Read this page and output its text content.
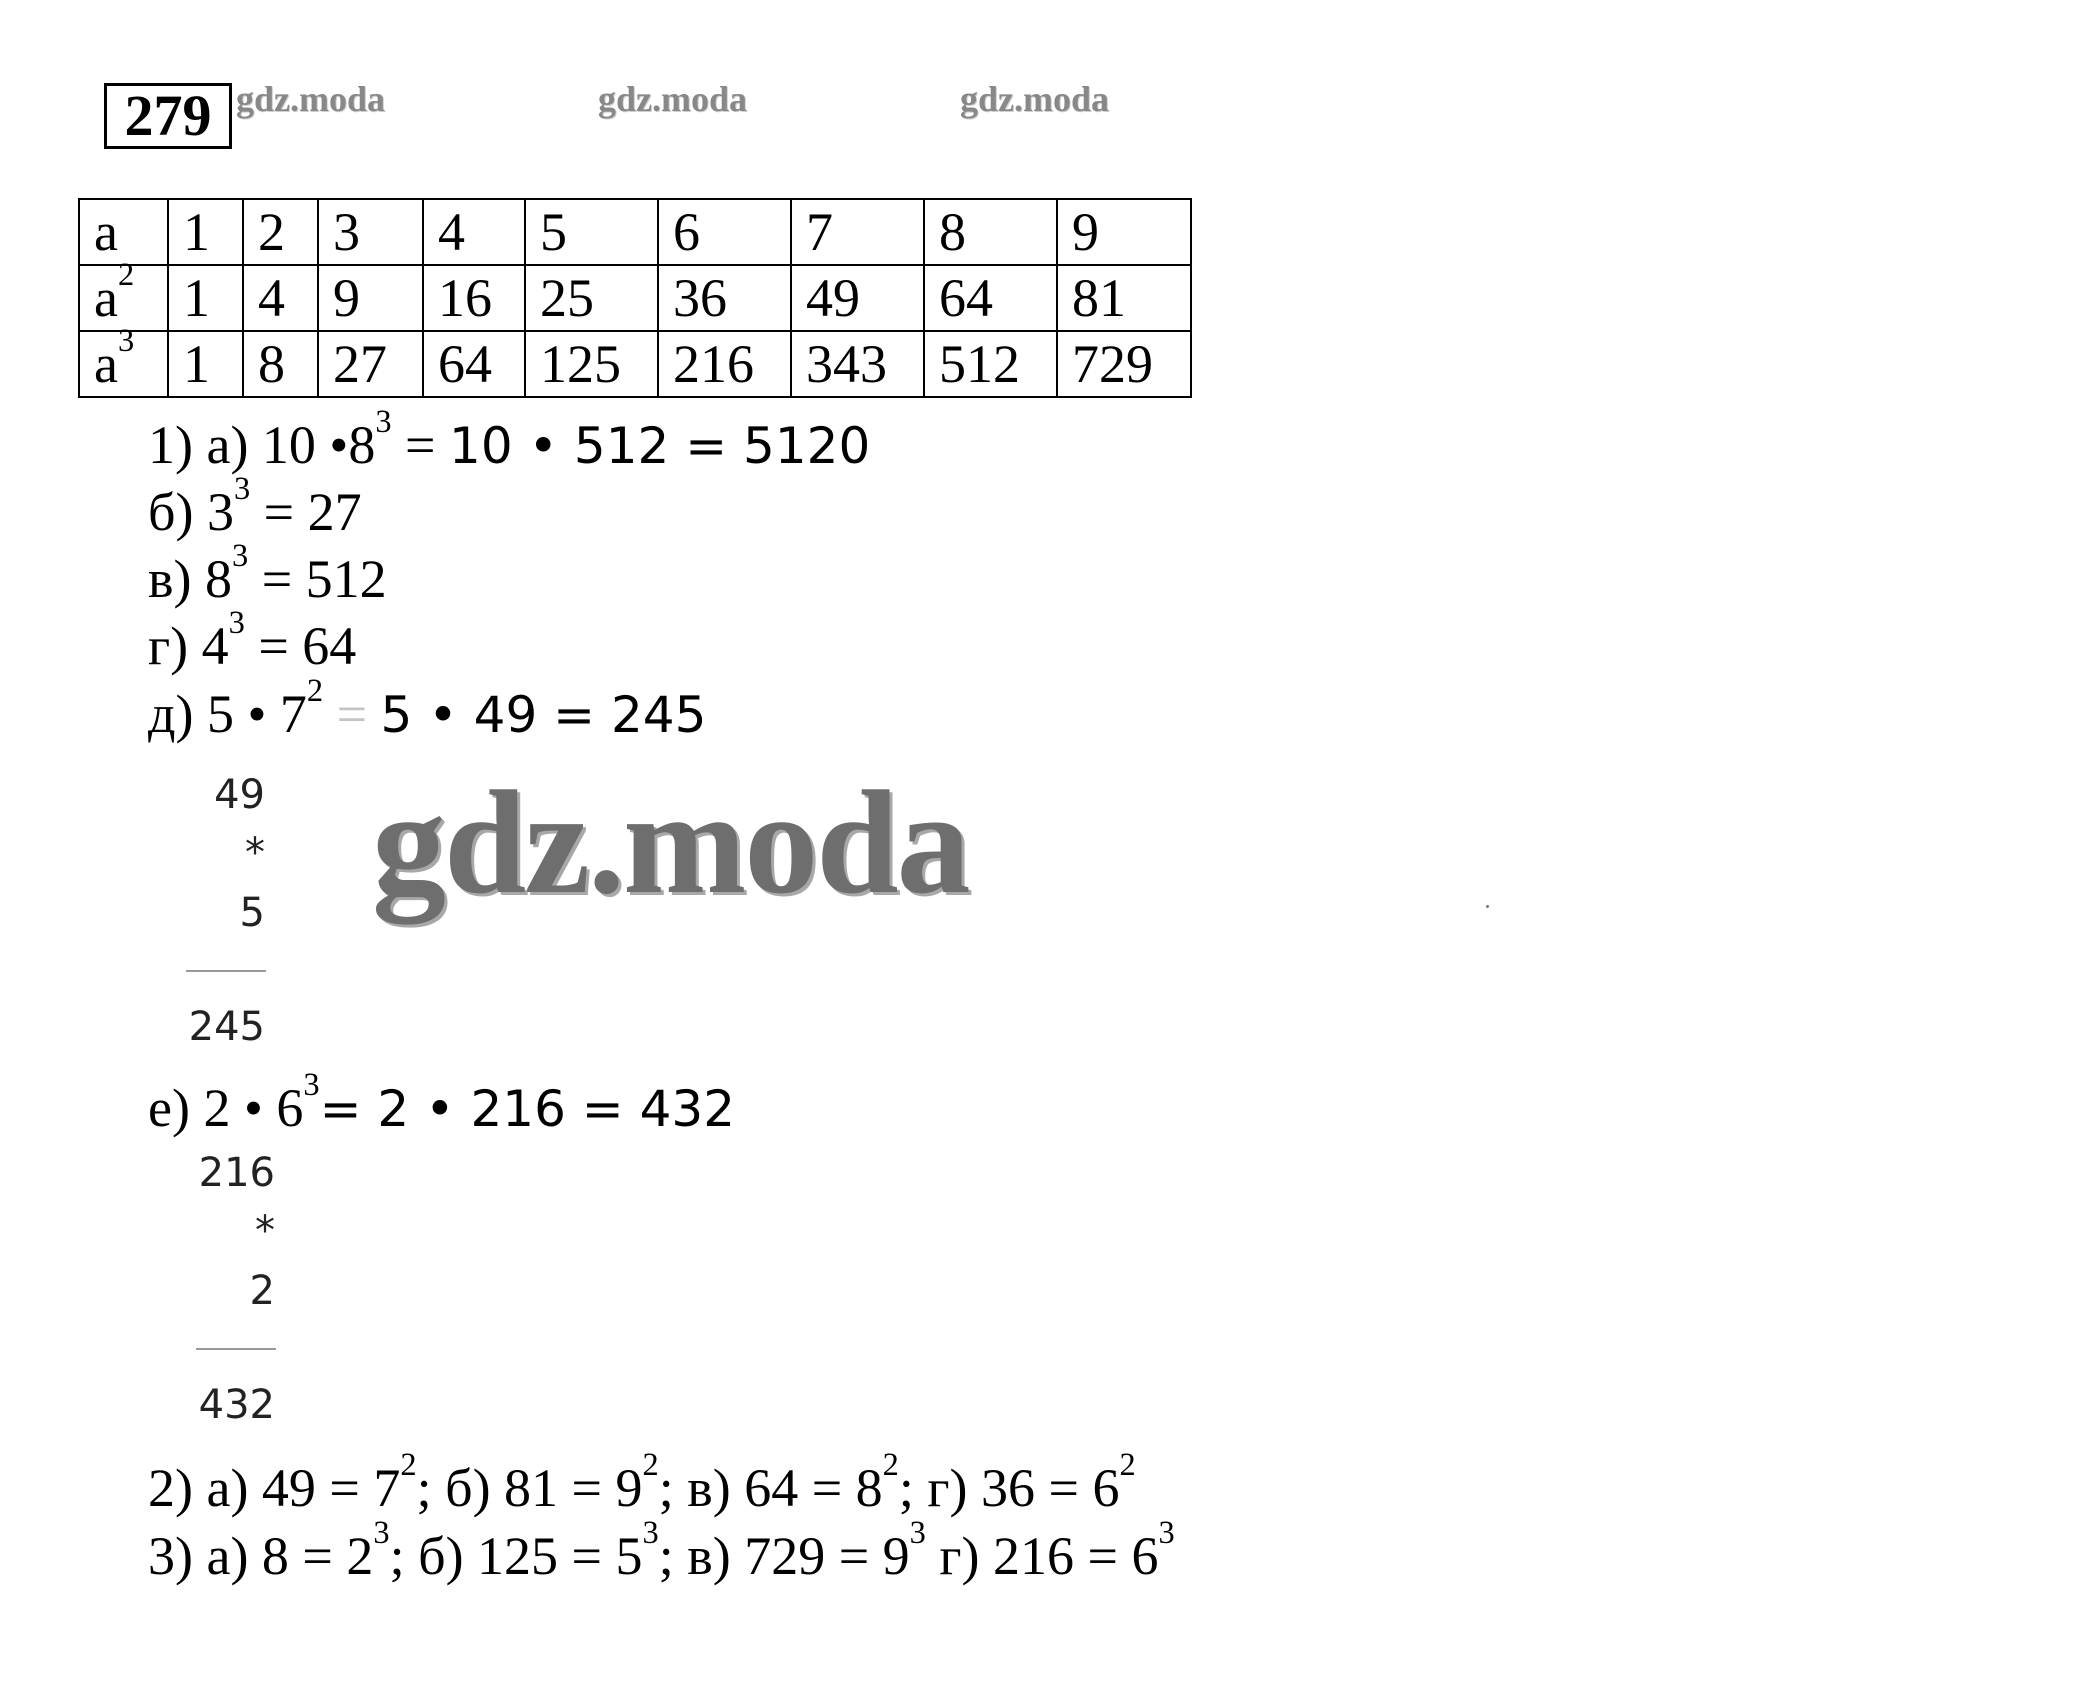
279 gdz.moda	gdz.moda	gdz.moda
a	1	2	3	4	5	6	7	8	9
$a^2$	1	4	9	16	25	36	49	64	81
$a^3$	1	8	27	64	125	216	343	512	729
1) а) 10 $•8^3 = 10$ • 512 = 5120
б) $3^3 = 27$
в) $8^3 = 512$
г) $4^3 = 64$
д) 5 • $7^2 = 5$ • 49 = 245
49
*
5
245
gdz.moda
е) 2 • $6^3= 2$ • 216 = 432
216
*
2
432
2) а) $49 = 7^2$; б) $81 = 9^2$; в) $64 = 8^2$; г) $36 = 6^2$
3) а) $8 = 2^3$; б) $125 = 5^3$; в) $729 = 9^3$ г) $216 = 6^3$
